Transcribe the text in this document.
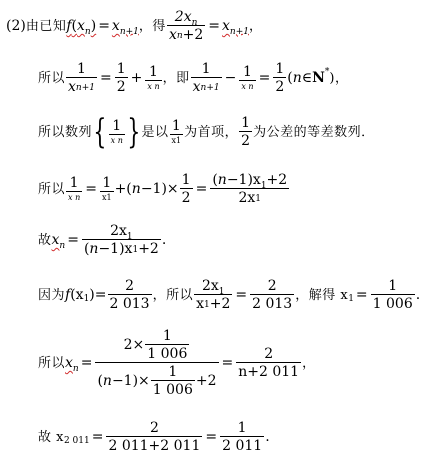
(2) 由已知 $f(x_n) = x_{n+1}$ ， 得 $\frac{\text{2x n}}{\text{x n +2}} = x_{n+1}$ ，
所以 $\frac{1}{\text{x n+1}} = \frac{1}{2} + \frac{1}{\text{x n}}$ ， 即 $\frac{1}{\text{x n+1}} - \frac{1}{\text{x n}} = \frac{1}{2}$ ( n ∈ N * )，
所以数列 { $\frac{1}{\text{x n}}$ } 是以 $\frac{1}{x1}$ 为首项， $\frac{1}{2}$ 为公差的等差数列．
所以 $\frac{1}{\text{x n}} = \frac{1}{x1}$ +( $n -1)\times \frac{1}{2} = \frac{( n -1)x 1 +2}{2x 1}$
故 $x_n = \frac{2x 1}{( n -1)x 1 +2}$ .
因为 f (x 1 )= $\frac{2}{2 013}$ ，所以 $\frac{2x 1}{x 1 +2} = \frac{2}{2 013}$ ，解得 x $1 = \frac{1}{1 006}$ .
所以 $x_n = \frac{2\times \frac{1}{1 006}}{( n -1)\times \frac{1}{1 006} +2} = \frac{2}{n+2 011}$ ，
故 x 2 $011 = \frac{2}{2 011+2 011} = \frac{1}{2 011}$ .
